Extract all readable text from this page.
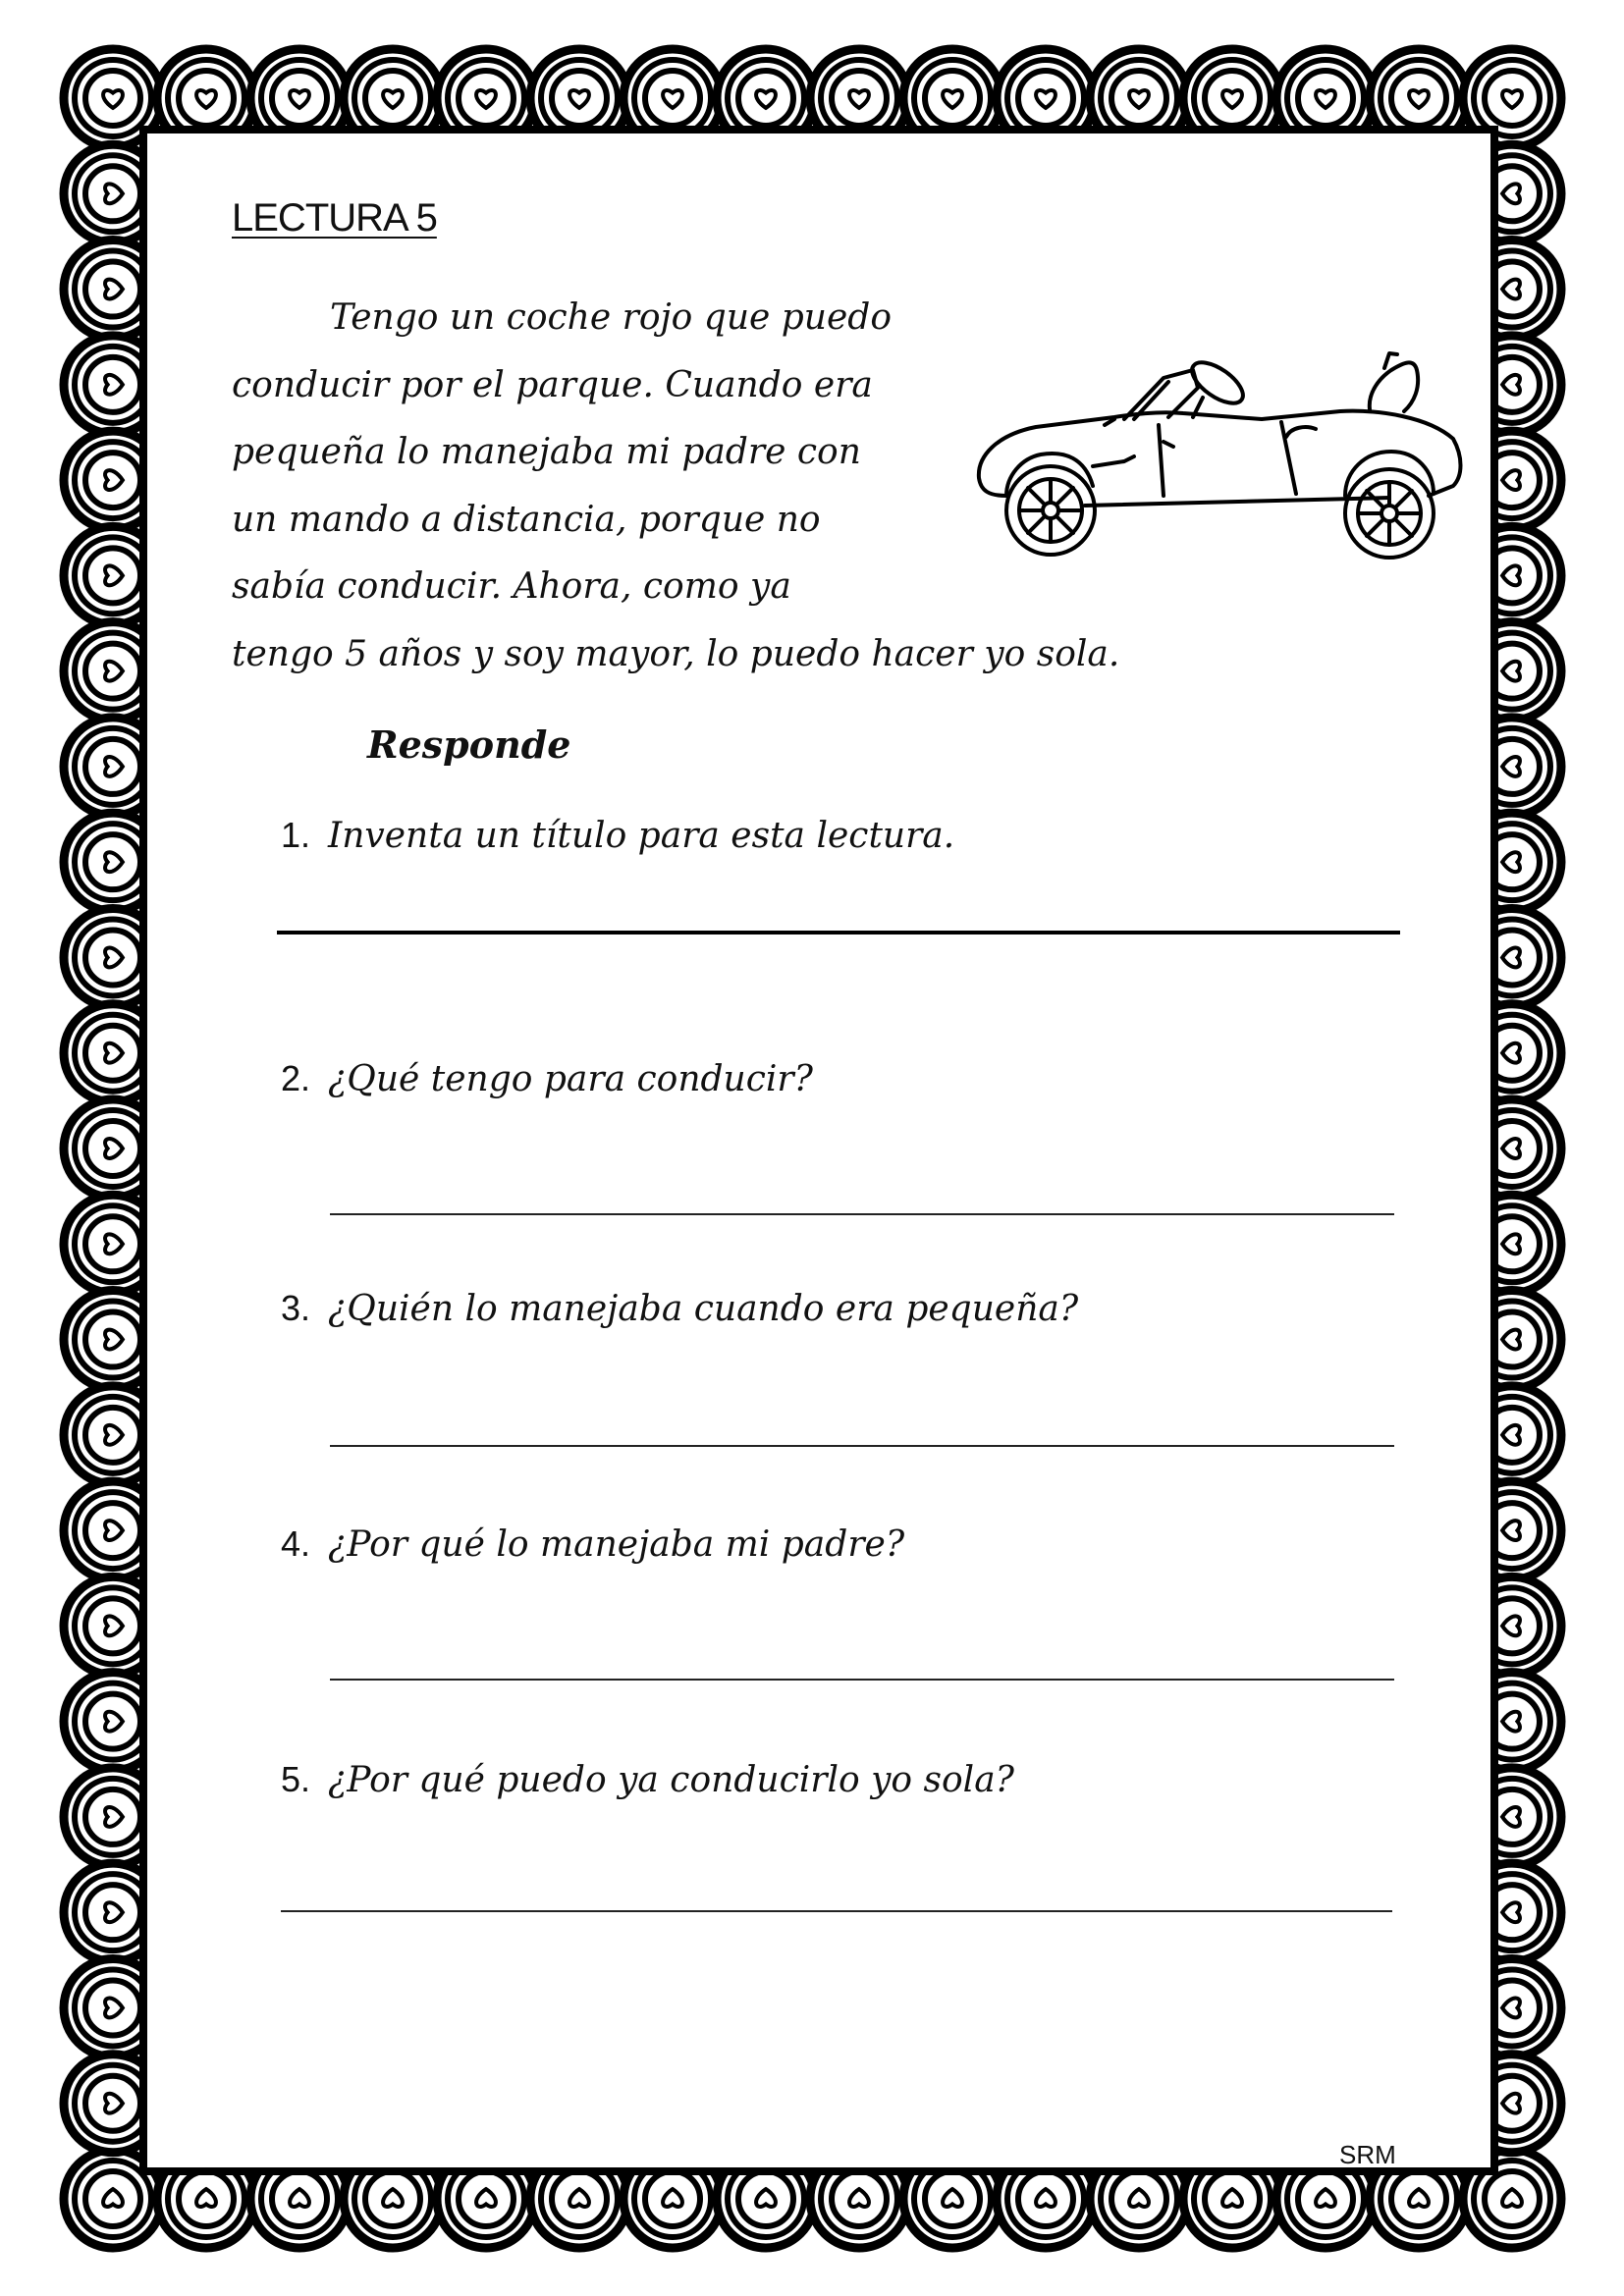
LECTURA 5

Tengo un coche rojo que puedo
conducir por el parque. Cuando era
pequeña lo manejaba mi padre con
un mando a distancia, porque no
sabía conducir. Ahora, como ya
tengo 5 años y soy mayor, lo puedo hacer yo sola.

Responde
1. Inventa un título para esta lectura.
2. ¿Qué tengo para conducir?
3. ¿Quién lo manejaba cuando era pequeña?
4. ¿Por qué lo manejaba mi padre?
5. ¿Por qué puedo ya conducirlo yo sola?
SRM
